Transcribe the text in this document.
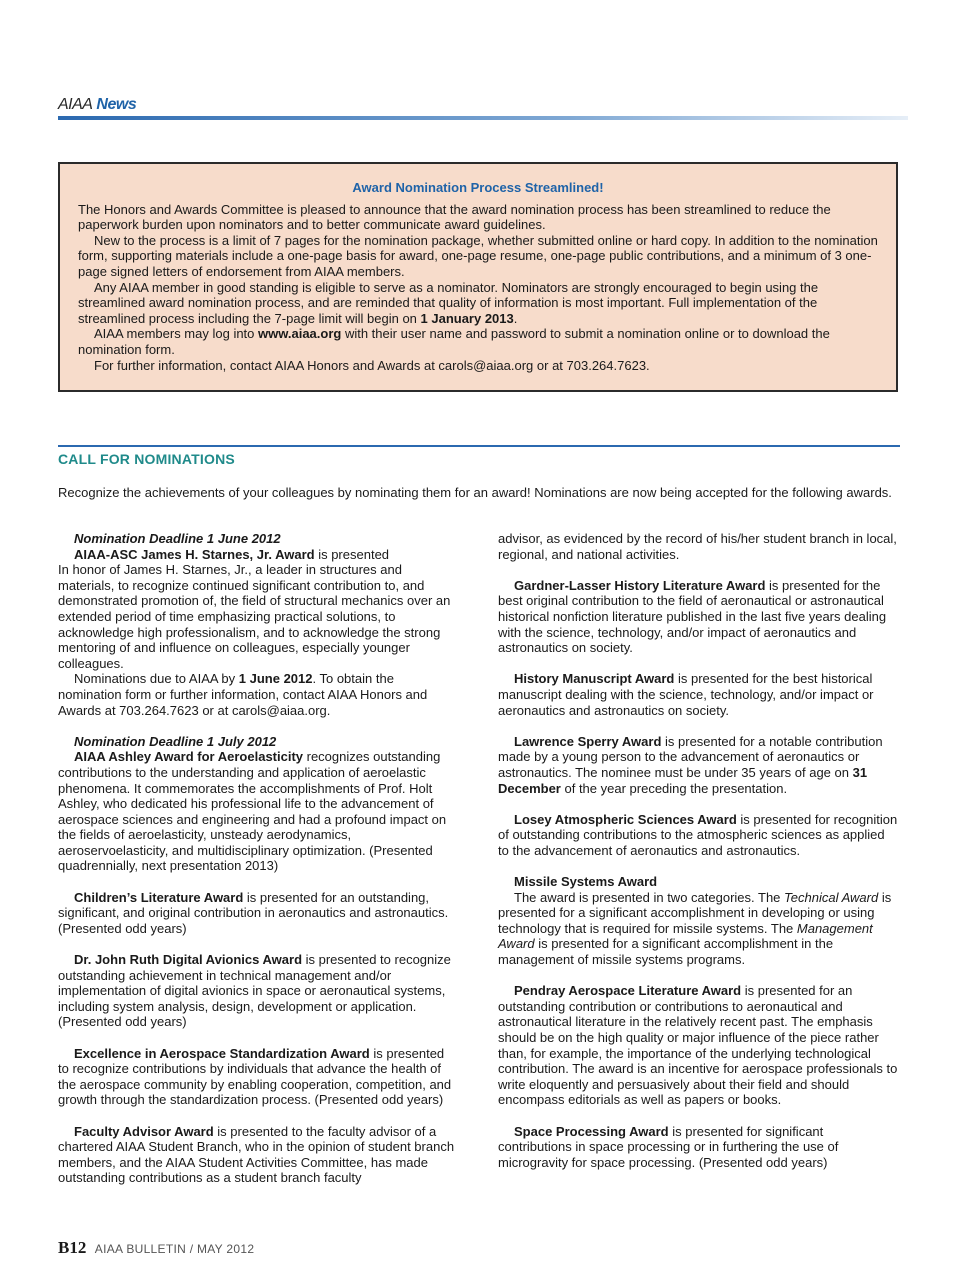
AIAA News
Award Nomination Process Streamlined!

The Honors and Awards Committee is pleased to announce that the award nomination process has been streamlined to reduce the paperwork burden upon nominators and to better communicate award guidelines.

New to the process is a limit of 7 pages for the nomination package, whether submitted online or hard copy. In addition to the nomination form, supporting materials include a one-page basis for award, one-page resume, one-page public contributions, and a minimum of 3 one-page signed letters of endorsement from AIAA members.

Any AIAA member in good standing is eligible to serve as a nominator. Nominators are strongly encouraged to begin using the streamlined award nomination process, and are reminded that quality of information is most important. Full implementation of the streamlined process including the 7-page limit will begin on 1 January 2013.

AIAA members may log into www.aiaa.org with their user name and password to submit a nomination online or to download the nomination form.

For further information, contact AIAA Honors and Awards at carols@aiaa.org or at 703.264.7623.

CALL FOR NOMINATIONS
Recognize the achievements of your colleagues by nominating them for an award! Nominations are now being accepted for the following awards.

Nomination Deadline 1 June 2012

AIAA-ASC James H. Starnes, Jr. Award is presented

In honor of James H. Starnes, Jr., a leader in structures and materials, to recognize continued significant contribution to, and demonstrated promotion of, the field of structural mechanics over an extended period of time emphasizing practical solutions, to acknowledge high professionalism, and to acknowledge the strong mentoring of and influence on colleagues, especially younger colleagues.

Nominations due to AIAA by 1 June 2012. To obtain the nomination form or further information, contact AIAA Honors and Awards at 703.264.7623 or at carols@aiaa.org.

Nomination Deadline 1 July 2012

AIAA Ashley Award for Aeroelasticity recognizes outstanding contributions to the understanding and application of aeroelastic phenomena. It commemorates the accomplishments of Prof. Holt Ashley, who dedicated his professional life to the advancement of aerospace sciences and engineering and had a profound impact on the fields of aeroelasticity, unsteady aerodynamics, aeroservoelasticity, and multidisciplinary optimization. (Presented quadrennially, next presentation 2013)

Children’s Literature Award is presented for an outstanding, significant, and original contribution in aeronautics and astronautics. (Presented odd years)

Dr. John Ruth Digital Avionics Award is presented to recognize outstanding achievement in technical management and/or implementation of digital avionics in space or aeronautical systems, including system analysis, design, development or application. (Presented odd years)

Excellence in Aerospace Standardization Award is presented to recognize contributions by individuals that advance the health of the aerospace community by enabling cooperation, competition, and growth through the standardization process. (Presented odd years)

Faculty Advisor Award is presented to the faculty advisor of a chartered AIAA Student Branch, who in the opinion of student branch members, and the AIAA Student Activities Committee, has made outstanding contributions as a student branch faculty

advisor, as evidenced by the record of his/her student branch in local, regional, and national activities.

Gardner-Lasser History Literature Award is presented for the best original contribution to the field of aeronautical or astronautical historical nonfiction literature published in the last five years dealing with the science, technology, and/or impact of aeronautics and astronautics on society.

History Manuscript Award is presented for the best historical manuscript dealing with the science, technology, and/or impact or aeronautics and astronautics on society.

Lawrence Sperry Award is presented for a notable contribution made by a young person to the advancement of aeronautics or astronautics. The nominee must be under 35 years of age on 31 December of the year preceding the presentation.

Losey Atmospheric Sciences Award is presented for recognition of outstanding contributions to the atmospheric sciences as applied to the advancement of aeronautics and astronautics.

Missile Systems Award

The award is presented in two categories. The Technical Award is presented for a significant accomplishment in developing or using technology that is required for missile systems. The Management Award is presented for a significant accomplishment in the management of missile systems programs.

Pendray Aerospace Literature Award is presented for an outstanding contribution or contributions to aeronautical and astronautical literature in the relatively recent past. The emphasis should be on the high quality or major influence of the piece rather than, for example, the importance of the underlying technological contribution. The award is an incentive for aerospace professionals to write eloquently and persuasively about their field and should encompass editorials as well as papers or books.

Space Processing Award is presented for significant contributions in space processing or in furthering the use of microgravity for space processing. (Presented odd years)

B12 AIAA BULLETIN / MAY 2012
